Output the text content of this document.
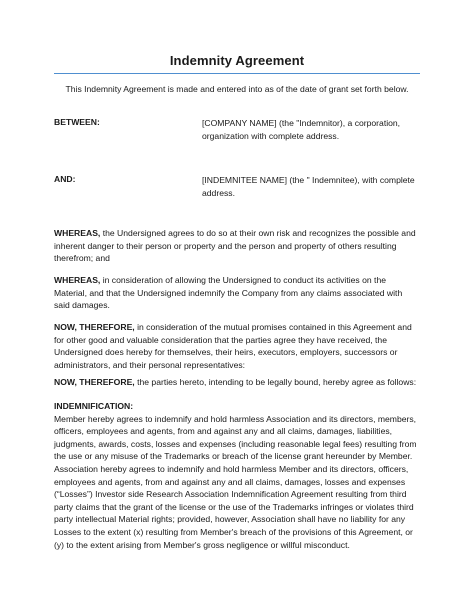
Indemnity Agreement
This Indemnity Agreement is made and entered into as of the date of grant set forth below.
BETWEEN:	[COMPANY NAME] (the "Indemnitor), a corporation, organization with complete address.
AND:	[INDEMNITEE NAME] (the " Indemnitee), with complete address.
WHEREAS, the Undersigned agrees to do so at their own risk and recognizes the possible and inherent danger to their person or property and the person and property of others resulting therefrom; and
WHEREAS, in consideration of allowing the Undersigned to conduct its activities on the Material, and that the Undersigned indemnify the Company from any claims associated with said damages.
NOW, THEREFORE, in consideration of the mutual promises contained in this Agreement and for other good and valuable consideration that the parties agree they have received, the Undersigned does hereby for themselves, their heirs, executors, employers, successors or administrators, and their personal representatives:
NOW, THEREFORE, the parties hereto, intending to be legally bound, hereby agree as follows:
INDEMNIFICATION:
Member hereby agrees to indemnify and hold harmless Association and its directors, members, officers, employees and agents, from and against any and all claims, damages, liabilities, judgments, awards, costs, losses and expenses (including reasonable legal fees) resulting from the use or any misuse of the Trademarks or breach of the license grant hereunder by Member.
Association hereby agrees to indemnify and hold harmless Member and its directors, officers, employees and agents, from and against any and all claims, damages, losses and expenses (“Losses”) Investor side Research Association Indemnification Agreement resulting from third party claims that the grant of the license or the use of the Trademarks infringes or violates third party intellectual Material rights; provided, however, Association shall have no liability for any Losses to the extent (x) resulting from Member's breach of the provisions of this Agreement, or (y) to the extent arising from Member's gross negligence or willful misconduct.
